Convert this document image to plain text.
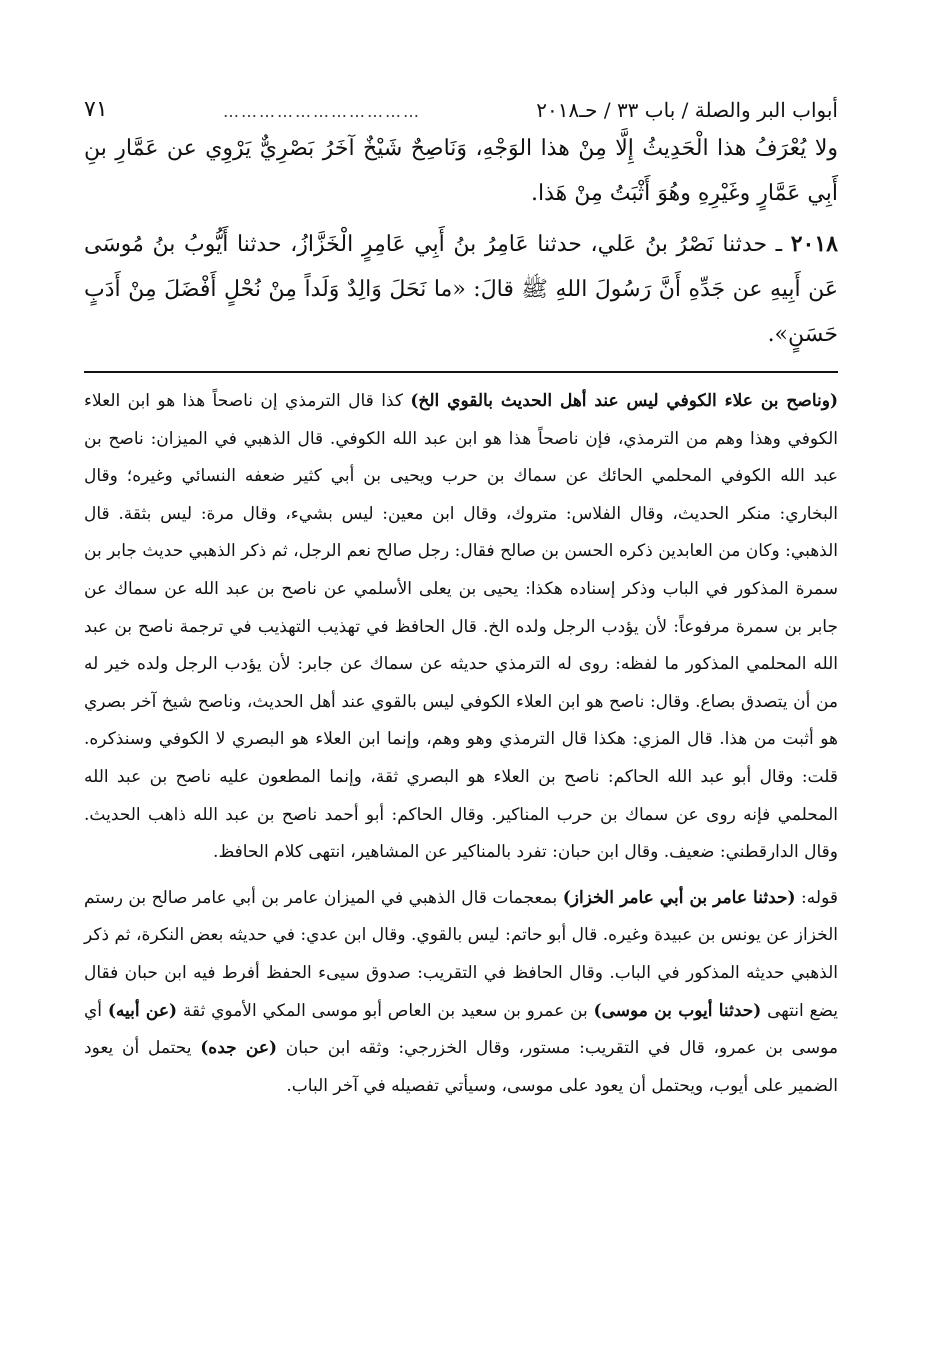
أبواب البر والصلة / باب ٣٣ / حـ٢٠١٨
……………………………
٧١

ولا يُعْرَفُ هذا الْحَدِيثُ إِلَّا مِنْ هذا الوَجْهِ، وَنَاصِحٌ شَيْخٌ آخَرُ بَصْرِيٌّ يَرْوِي عن عَمَّارِ بنِ أَبِي عَمَّارٍ وغَيْرِهِ وهُوَ أَثْبَتُ مِنْ هَذا.

٢٠١٨ ـ حدثنا نَصْرُ بنُ عَلي، حدثنا عَامِرُ بنُ أَبِي عَامِرٍ الْخَزَّازُ، حدثنا أَيُّوبُ بنُ مُوسَى عَن أَبِيهِ عن جَدِّهِ أَنَّ رَسُولَ اللهِ ﷺ قالَ: «ما نَحَلَ وَالِدٌ وَلَداً مِنْ نُحْلٍ أَفْضَلَ مِنْ أَدَبٍ حَسَنٍ».

(وناصح بن علاء الكوفي ليس عند أهل الحديث بالقوي الخ) كذا قال الترمذي إن ناصحاً هذا هو ابن العلاء الكوفي وهذا وهم من الترمذي، فإن ناصحاً هذا هو ابن عبد الله الكوفي. قال الذهبي في الميزان: ناصح بن عبد الله الكوفي المحلمي الحائك عن سماك بن حرب ويحيى بن أبي كثير ضعفه النسائي وغيره؛ وقال البخاري: منكر الحديث، وقال الفلاس: متروك، وقال ابن معين: ليس بشيء، وقال مرة: ليس بثقة. قال الذهبي: وكان من العابدين ذكره الحسن بن صالح فقال: رجل صالح نعم الرجل، ثم ذكر الذهبي حديث جابر بن سمرة المذكور في الباب وذكر إسناده هكذا: يحيى بن يعلى الأسلمي عن ناصح بن عبد الله عن سماك عن جابر بن سمرة مرفوعاً: لأن يؤدب الرجل ولده الخ. قال الحافظ في تهذيب التهذيب في ترجمة ناصح بن عبد الله المحلمي المذكور ما لفظه: روى له الترمذي حديثه عن سماك عن جابر: لأن يؤدب الرجل ولده خير له من أن يتصدق بصاع. وقال: ناصح هو ابن العلاء الكوفي ليس بالقوي عند أهل الحديث، وناصح شيخ آخر بصري هو أثبت من هذا. قال المزي: هكذا قال الترمذي وهو وهم، وإنما ابن العلاء هو البصري لا الكوفي وسنذكره. قلت: وقال أبو عبد الله الحاكم: ناصح بن العلاء هو البصري ثقة، وإنما المطعون عليه ناصح بن عبد الله المحلمي فإنه روى عن سماك بن حرب المناكير. وقال الحاكم: أبو أحمد ناصح بن عبد الله ذاهب الحديث. وقال الدارقطني: ضعيف. وقال ابن حبان: تفرد بالمناكير عن المشاهير، انتهى كلام الحافظ.

قوله: (حدثنا عامر بن أبي عامر الخزاز) بمعجمات قال الذهبي في الميزان عامر بن أبي عامر صالح بن رستم الخزاز عن يونس بن عبيدة وغيره. قال أبو حاتم: ليس بالقوي. وقال ابن عدي: في حديثه بعض النكرة، ثم ذكر الذهبي حديثه المذكور في الباب. وقال الحافظ في التقريب: صدوق سيىء الحفظ أفرط فيه ابن حبان فقال يضع انتهى (حدثنا أيوب بن موسى) بن عمرو بن سعيد بن العاص أبو موسى المكي الأموي ثقة (عن أبيه) أي موسى بن عمرو، قال في التقريب: مستور، وقال الخزرجي: وثقه ابن حبان (عن جده) يحتمل أن يعود الضمير على أيوب، ويحتمل أن يعود على موسى، وسيأتي تفصيله في آخر الباب.
